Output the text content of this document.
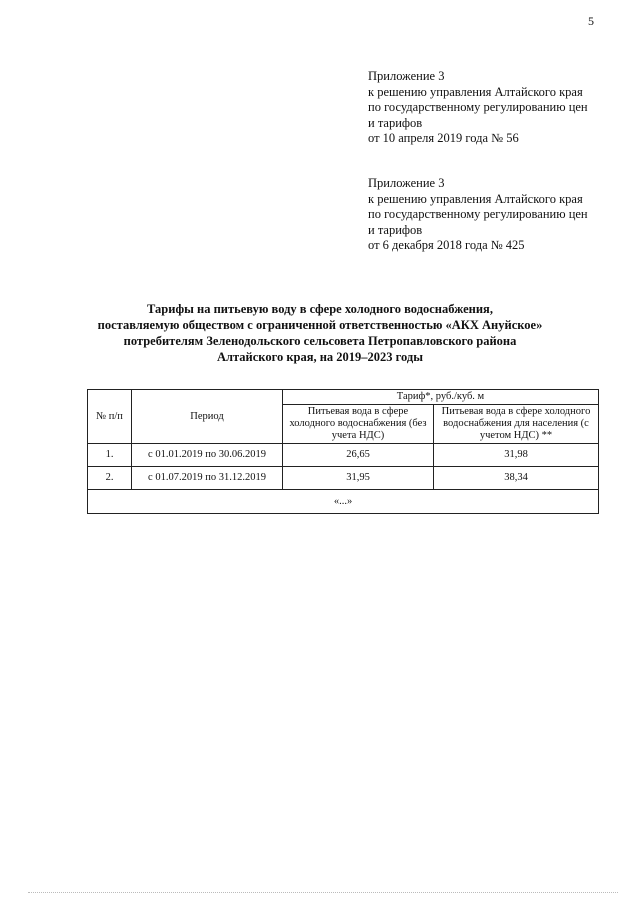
5
Приложение 3
к решению управления Алтайского края
по государственному регулированию цен
и тарифов
от 10 апреля 2019 года № 56
Приложение 3
к решению управления Алтайского края
по государственному регулированию цен
и тарифов
от 6 декабря 2018 года № 425
Тарифы на питьевую воду в сфере холодного водоснабжения,
поставляемую обществом с ограниченной ответственностью «АКХ Ануйское»
потребителям Зеленодольского сельсовета Петропавловского района
Алтайского края, на 2019–2023 годы
№ п/п	Период	Тариф*, руб./куб. м	
		Питьевая вода в сфере холодного водоснабжения (без учета НДС)	Питьевая вода в сфере холодного водоснабжения для населения (с учетом НДС) **
1.	с 01.01.2019 по 30.06.2019	26,65	31,98
2.	с 01.07.2019 по 31.12.2019	31,95	38,34
«...»			
